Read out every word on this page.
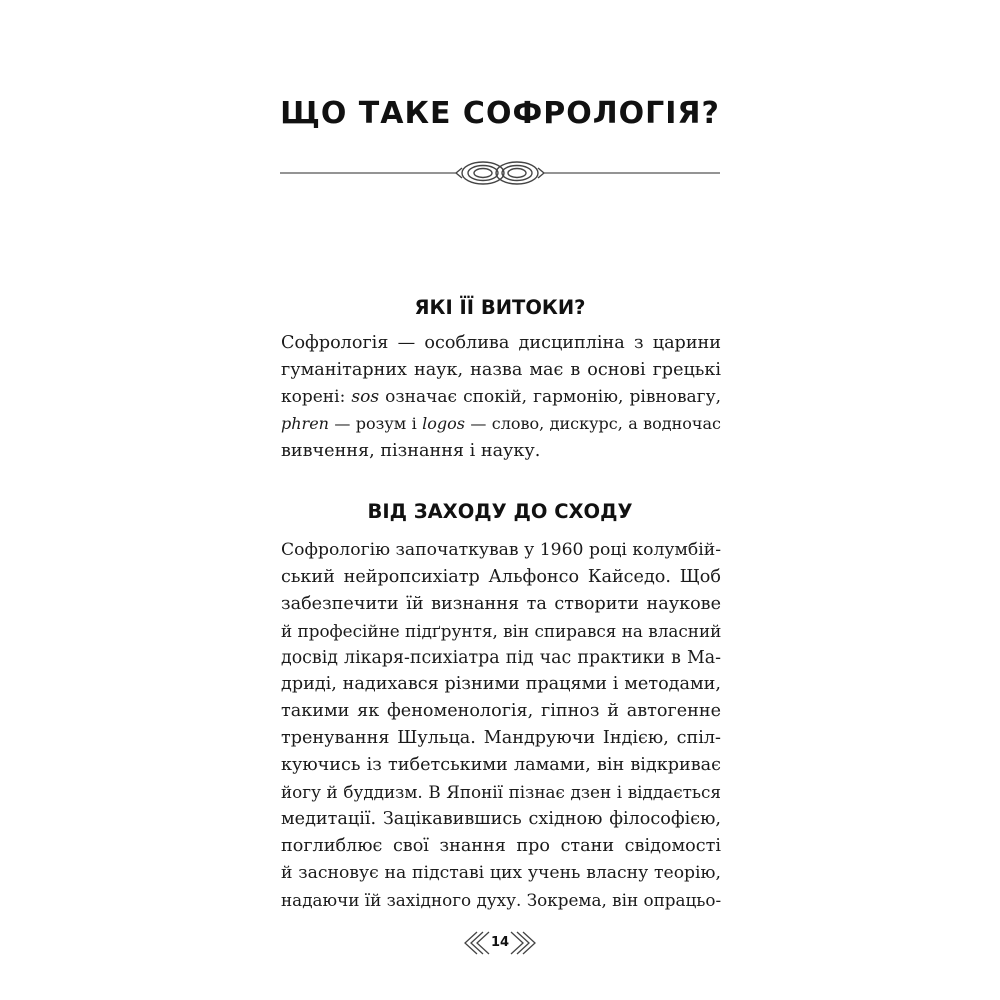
ЩО ТАКЕ СОФРОЛОГІЯ?
ЯКІ ЇЇ ВИТОКИ?
Софрологія — особлива дисципліна з царини
гуманітарних наук, назва має в основі грецькі
корені: sos означає спокій, гармонію, рівновагу,
phren — розум і logos — слово, дискурс, а водночас
вивчення, пізнання і науку.
ВІД ЗАХОДУ ДО СХОДУ
Софрологію започаткував у 1960 році колумбій-
ський нейропсихіатр Альфонсо Кайседо. Щоб
забезпечити їй визнання та створити наукове
й професійне підґрунтя, він спирався на власний
досвід лікаря-психіатра під час практики в Ма-
дриді, надихався різними працями і методами,
такими як феноменологія, гіпноз й автогенне
тренування Шульца. Мандруючи Індією, спіл-
куючись із тибетськими ламами, він відкриває
йогу й буддизм. В Японії пізнає дзен і віддається
медитації. Зацікавившись східною філософією,
поглиблює свої знання про стани свідомості
й засновує на підставі цих учень власну теорію,
надаючи їй західного духу. Зокрема, він опрацьо-
14
